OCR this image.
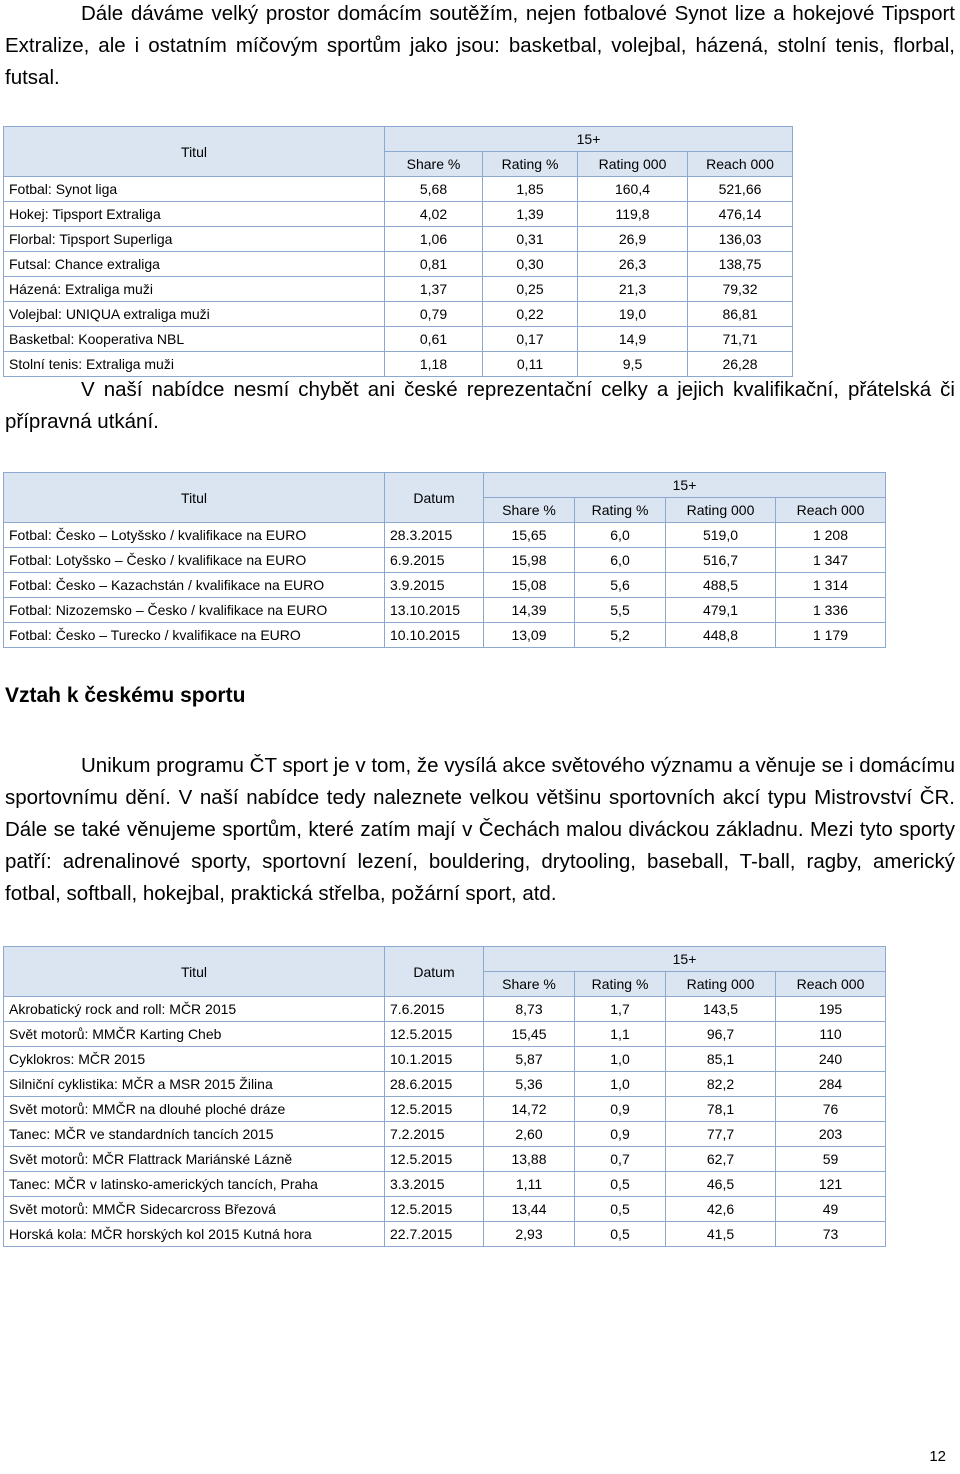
Dále dáváme velký prostor domácím soutěžím, nejen fotbalové Synot lize a hokejové Tipsport Extralize, ale i ostatním míčovým sportům jako jsou: basketbal, volejbal, házená, stolní tenis, florbal, futsal.

Titul	15+			
	Share %	Rating %	Rating 000	Reach 000
Fotbal: Synot liga	5,68	1,85	160,4	521,66
Hokej: Tipsport Extraliga	4,02	1,39	119,8	476,14
Florbal: Tipsport Superliga	1,06	0,31	26,9	136,03
Futsal: Chance extraliga	0,81	0,30	26,3	138,75
Házená: Extraliga muži	1,37	0,25	21,3	79,32
Volejbal: UNIQUA extraliga muži	0,79	0,22	19,0	86,81
Basketbal: Kooperativa NBL	0,61	0,17	14,9	71,71
Stolní tenis: Extraliga muži	1,18	0,11	9,5	26,28

V naší nabídce nesmí chybět ani české reprezentační celky a jejich kvalifikační, přátelská či přípravná utkání.

Titul	Datum	15+			
		Share %	Rating %	Rating 000	Reach 000
Fotbal: Česko – Lotyšsko / kvalifikace na EURO	28.3.2015	15,65	6,0	519,0	1 208
Fotbal: Lotyšsko – Česko / kvalifikace na EURO	6.9.2015	15,98	6,0	516,7	1 347
Fotbal: Česko – Kazachstán / kvalifikace na EURO	3.9.2015	15,08	5,6	488,5	1 314
Fotbal: Nizozemsko – Česko / kvalifikace na EURO	13.10.2015	14,39	5,5	479,1	1 336
Fotbal: Česko – Turecko / kvalifikace na EURO	10.10.2015	13,09	5,2	448,8	1 179
Vztah k českému sportu

Unikum programu ČT sport je v tom, že vysílá akce světového významu a věnuje se i domácímu sportovnímu dění. V naší nabídce tedy naleznete velkou většinu sportovních akcí typu Mistrovství ČR. Dále se také věnujeme sportům, které zatím mají v Čechách malou diváckou základnu. Mezi tyto sporty patří: adrenalinové sporty, sportovní lezení, bouldering, drytooling, baseball, T-ball, ragby, americký fotbal, softball, hokejbal, praktická střelba, požární sport, atd.

Titul	Datum	15+			
		Share %	Rating %	Rating 000	Reach 000
Akrobatický rock and roll: MČR 2015	7.6.2015	8,73	1,7	143,5	195
Svět motorů: MMČR Karting Cheb	12.5.2015	15,45	1,1	96,7	110
Cyklokros: MČR 2015	10.1.2015	5,87	1,0	85,1	240
Silniční cyklistika: MČR a MSR 2015 Žilina	28.6.2015	5,36	1,0	82,2	284
Svět motorů: MMČR na dlouhé ploché dráze	12.5.2015	14,72	0,9	78,1	76
Tanec: MČR ve standardních tancích 2015	7.2.2015	2,60	0,9	77,7	203
Svět motorů: MČR Flattrack Mariánské Lázně	12.5.2015	13,88	0,7	62,7	59
Tanec: MČR v latinsko-amerických tancích, Praha	3.3.2015	1,11	0,5	46,5	121
Svět motorů: MMČR Sidecarcross Březová	12.5.2015	13,44	0,5	42,6	49
Horská kola: MČR horských kol 2015 Kutná hora	22.7.2015	2,93	0,5	41,5	73
12
